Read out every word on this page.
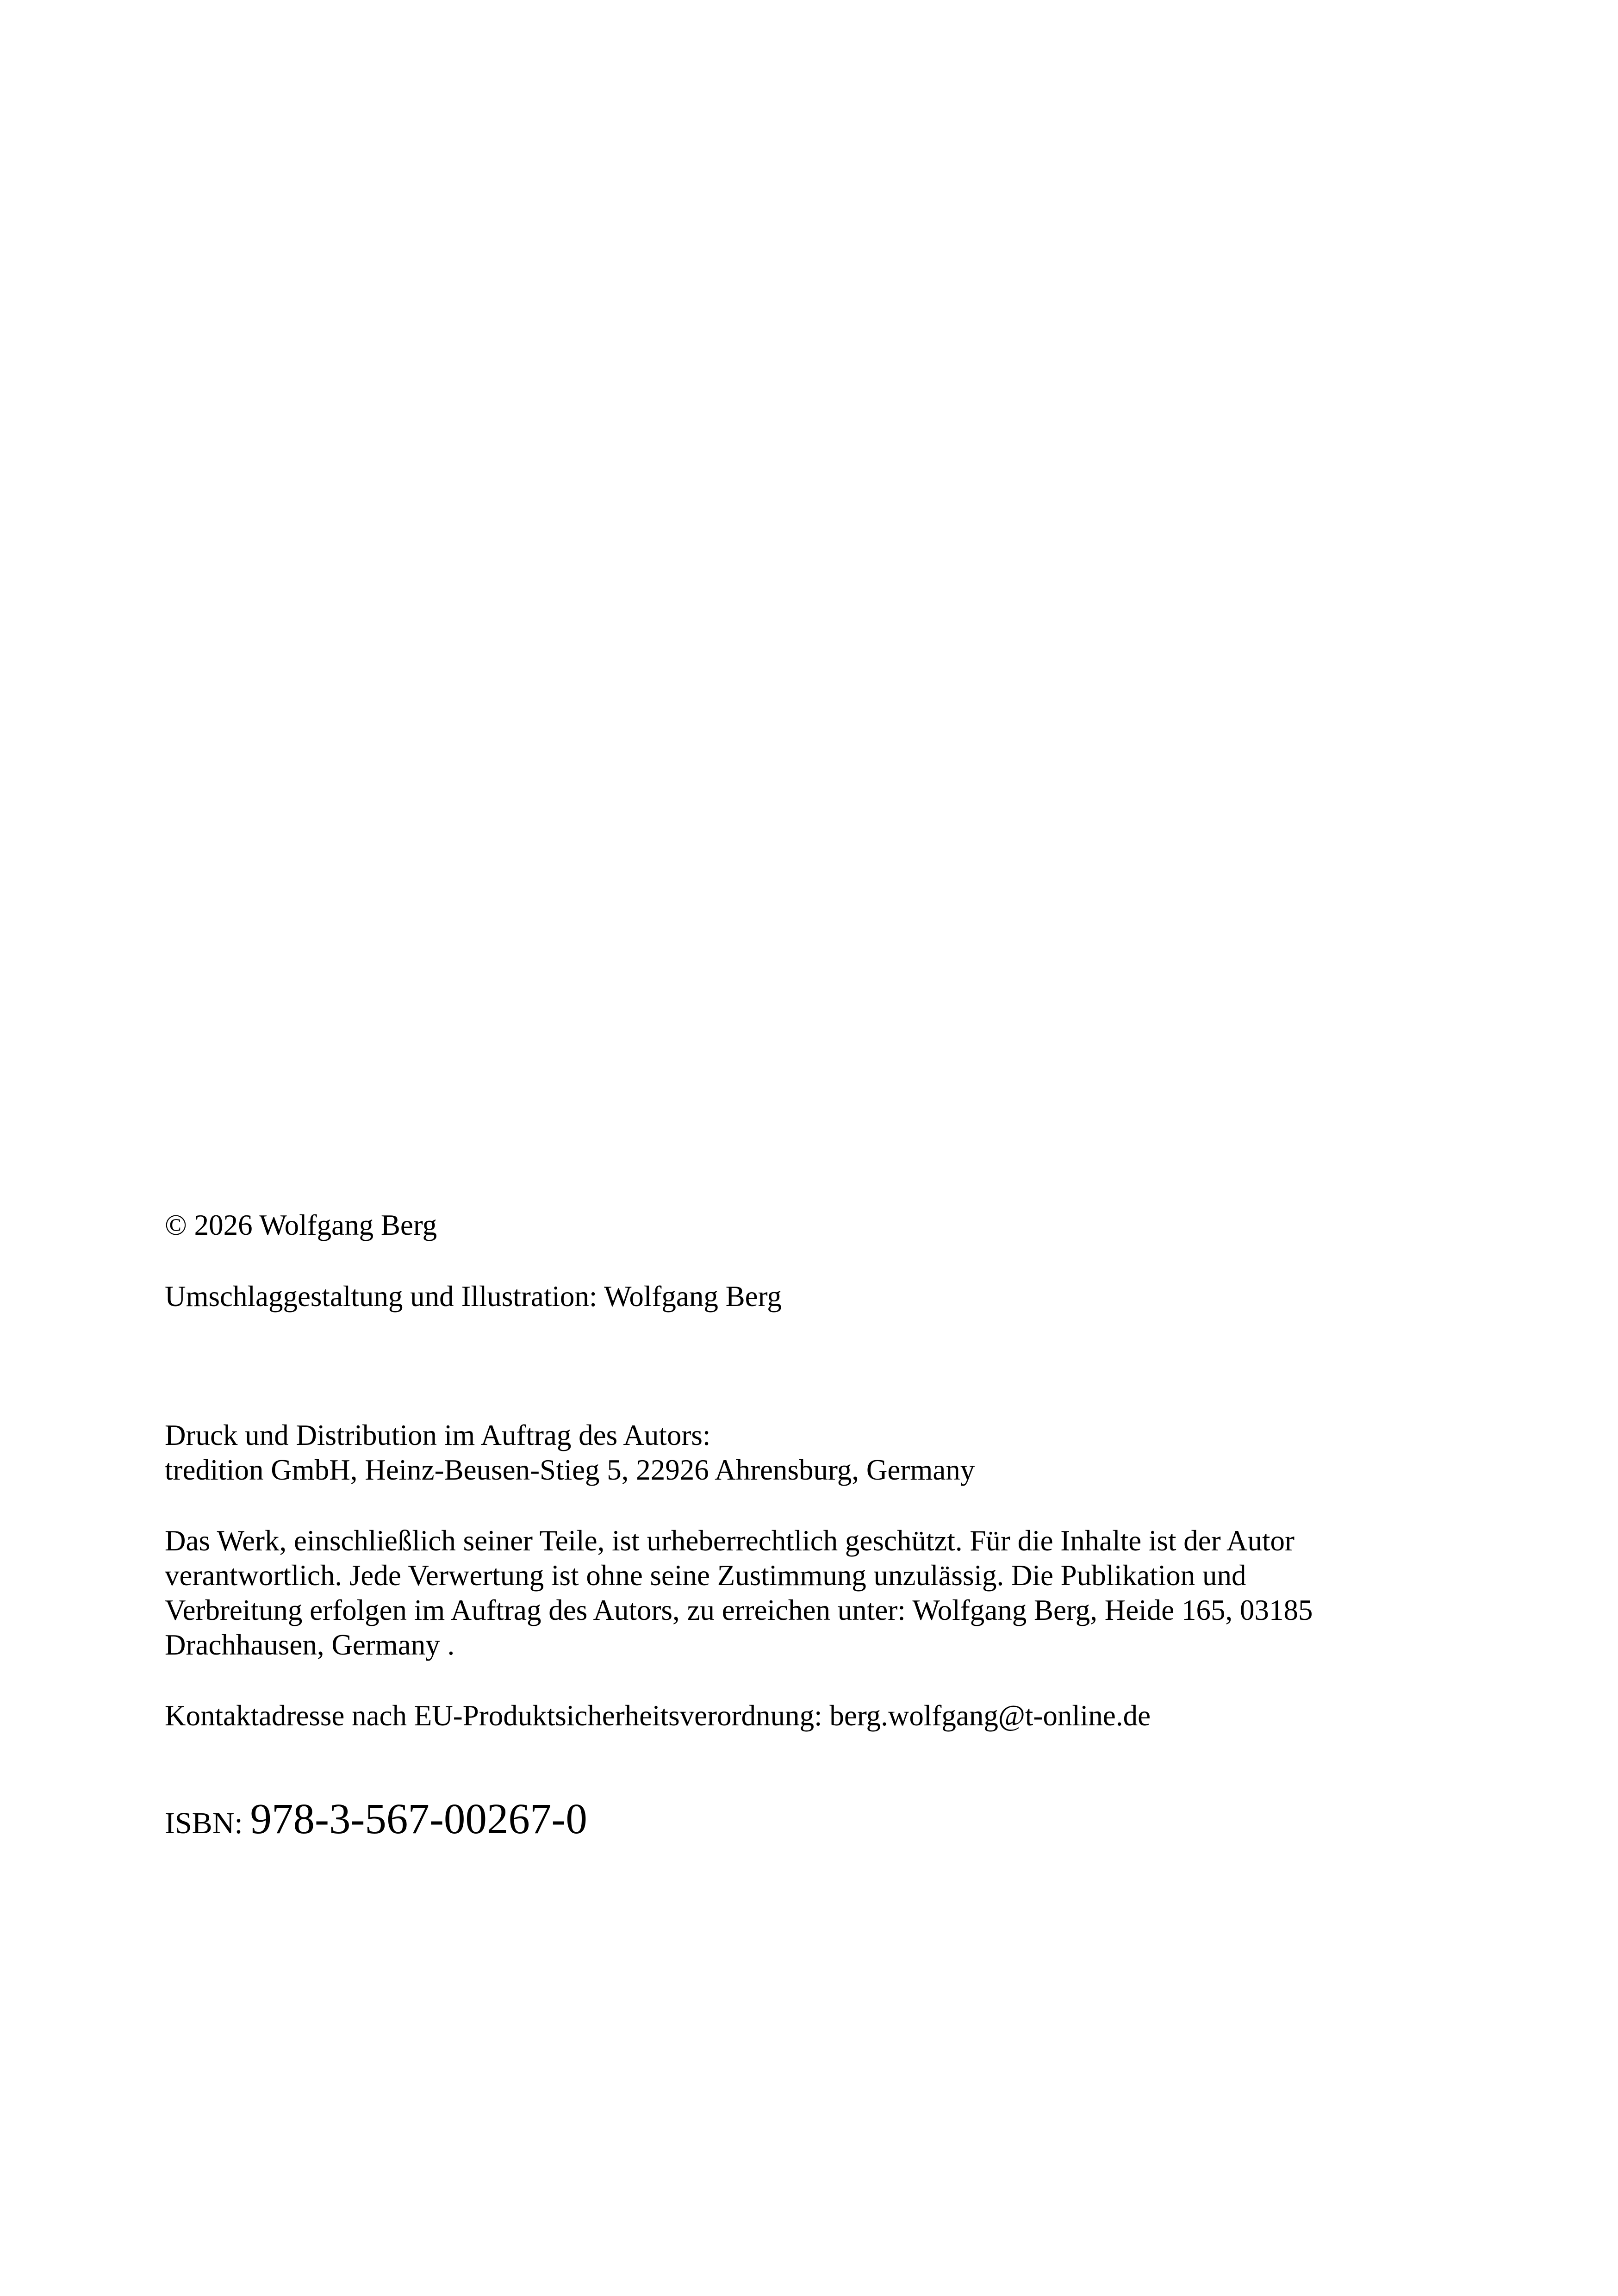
© 2026 Wolfgang Berg
Umschlaggestaltung und Illustration: Wolfgang Berg
Druck und Distribution im Auftrag des Autors:
tredition GmbH, Heinz-Beusen-Stieg 5, 22926 Ahrensburg, Germany
Das Werk, einschließlich seiner Teile, ist urheberrechtlich geschützt. Für die Inhalte ist der Autor
verantwortlich. Jede Verwertung ist ohne seine Zustimmung unzulässig. Die Publikation und
Verbreitung erfolgen im Auftrag des Autors, zu erreichen unter: Wolfgang Berg, Heide 165, 03185
Drachhausen, Germany .
Kontaktadresse nach EU-Produktsicherheitsverordnung: berg.wolfgang@t-online.de
ISBN: 978-3-567-00267-0
